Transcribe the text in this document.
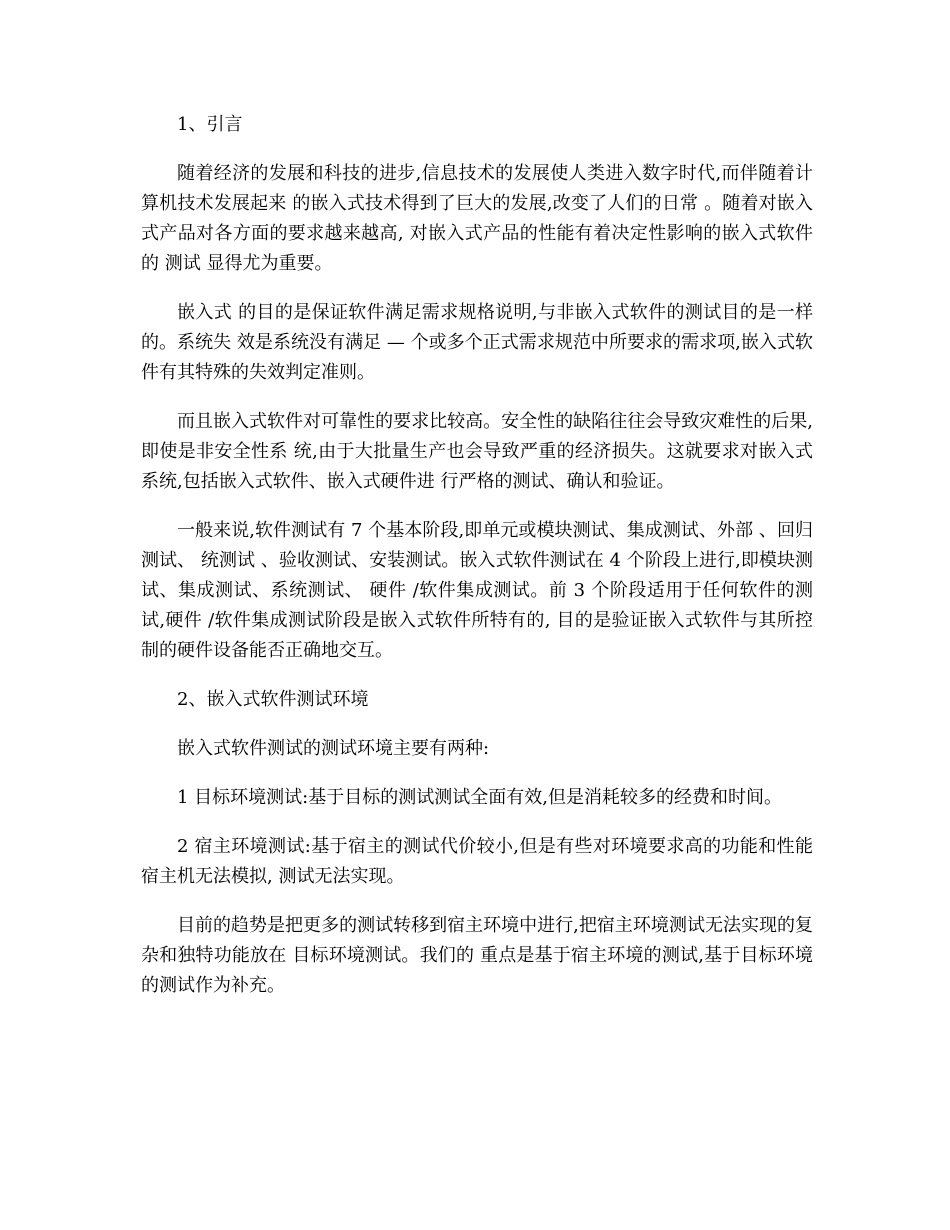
1、引言

随着经济的发展和科技的进步,信息技术的发展使人类进入数字时代,而伴随着计算机技术发展起来 的嵌入式技术得到了巨大的发展,改变了人们的日常 。随着对嵌入式产品对各方面的要求越来越高, 对嵌入式产品的性能有着决定性影响的嵌入式软件的 测试 显得尤为重要。

嵌入式 的目的是保证软件满足需求规格说明,与非嵌入式软件的测试目的是一样的。系统失 效是系统没有满足 — 个或多个正式需求规范中所要求的需求项,嵌入式软件有其特殊的失效判定准则。

而且嵌入式软件对可靠性的要求比较高。安全性的缺陷往往会导致灾难性的后果,即使是非安全性系 统,由于大批量生产也会导致严重的经济损失。这就要求对嵌入式系统,包括嵌入式软件、嵌入式硬件进 行严格的测试、确认和验证。

一般来说,软件测试有 7 个基本阶段,即单元或模块测试、集成测试、外部 、回归测试、 统测试 、验收测试、安装测试。嵌入式软件测试在 4 个阶段上进行,即模块测试、集成测试、系统测试、 硬件 /软件集成测试。前 3 个阶段适用于任何软件的测试,硬件 /软件集成测试阶段是嵌入式软件所特有的, 目的是验证嵌入式软件与其所控制的硬件设备能否正确地交互。

2、嵌入式软件测试环境

嵌入式软件测试的测试环境主要有两种:

1 目标环境测试:基于目标的测试测试全面有效,但是消耗较多的经费和时间。

2 宿主环境测试:基于宿主的测试代价较小,但是有些对环境要求高的功能和性能宿主机无法模拟, 测试无法实现。

目前的趋势是把更多的测试转移到宿主环境中进行,把宿主环境测试无法实现的复杂和独特功能放在 目标环境测试。我们的 重点是基于宿主环境的测试,基于目标环境的测试作为补充。
